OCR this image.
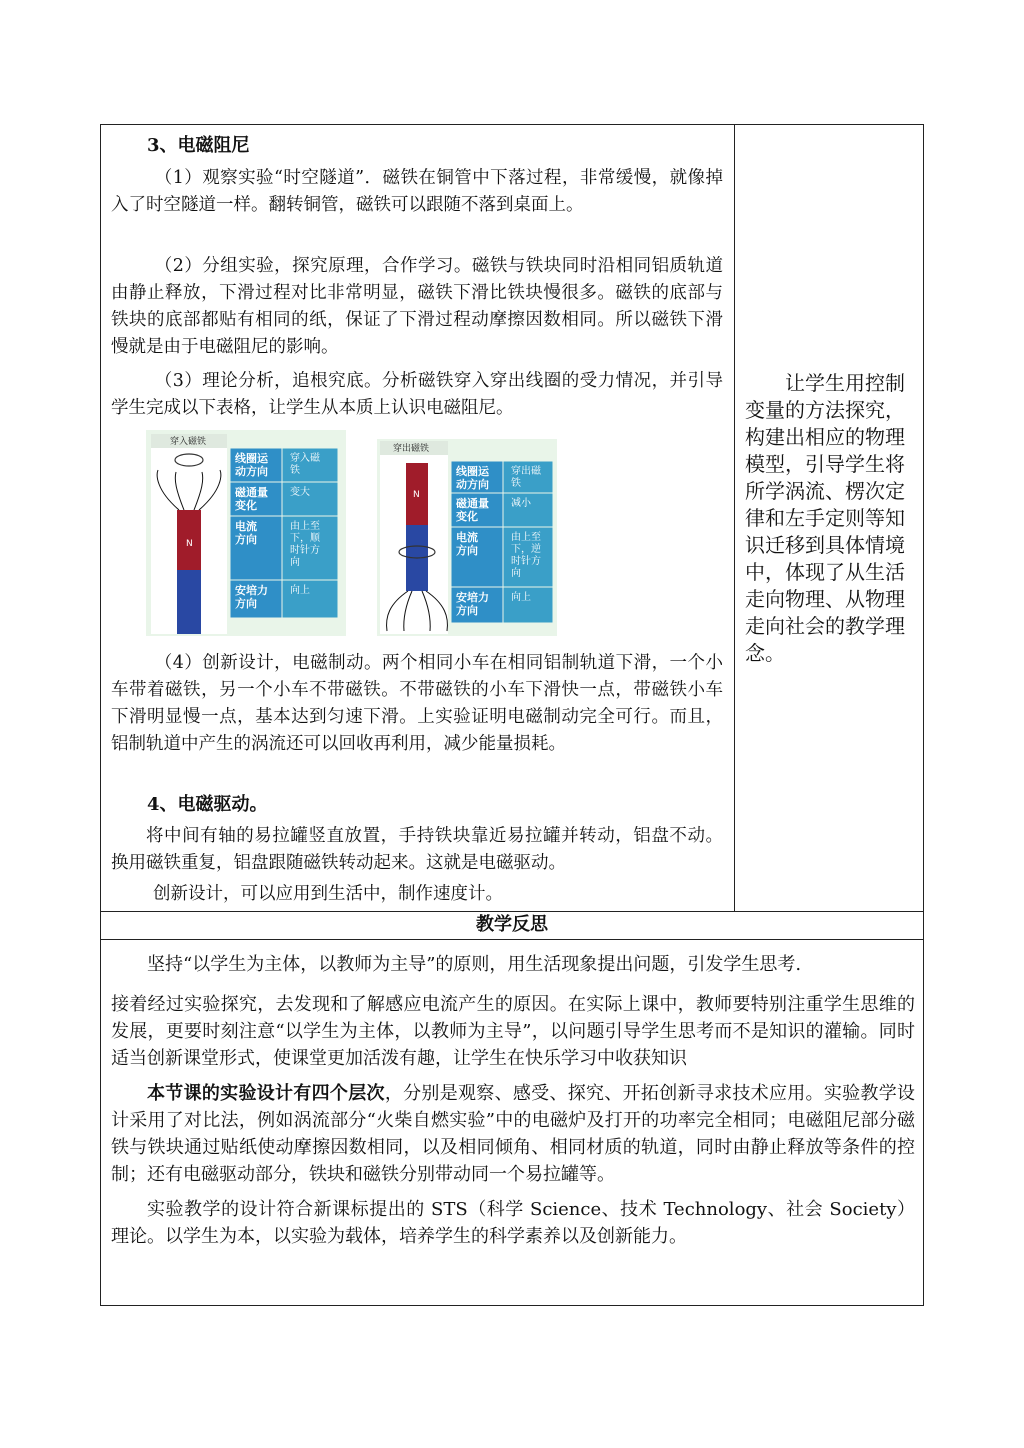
3、电磁阻尼

（1）观察实验“时空隧道”．磁铁在铜管中下落过程，非常缓慢，就像掉入了时空隧道一样。翻转铜管，磁铁可以跟随不落到桌面上。

（2）分组实验，探究原理，合作学习。磁铁与铁块同时沿相同铝质轨道由静止释放，下滑过程对比非常明显，磁铁下滑比铁块慢很多。磁铁的底部与铁块的底部都贴有相同的纸，保证了下滑过程动摩擦因数相同。所以磁铁下滑慢就是由于电磁阻尼的影响。

（3）理论分析，追根究底。分析磁铁穿入穿出线圈的受力情况，并引导学生完成以下表格，让学生从本质上认识电磁阻尼。

穿入磁铁
N
线圈运
动方向
穿入磁
铁
磁通量
变化
变大
电流
方向
由上至
下，顺
时针方
向
安培力
方向
向上
穿出磁铁
N
线圈运
动方向
穿出磁
铁
磁通量
变化
减小
电流
方向
由上至
下，逆
时针方
向
安培力
方向
向上

（4）创新设计，电磁制动。两个相同小车在相同铝制轨道下滑，一个小车带着磁铁，另一个小车不带磁铁。不带磁铁的小车下滑快一点，带磁铁小车下滑明显慢一点，基本达到匀速下滑。上实验证明电磁制动完全可行。而且，铝制轨道中产生的涡流还可以回收再利用，减少能量损耗。

4、电磁驱动。

将中间有轴的易拉罐竖直放置，手持铁块靠近易拉罐并转动，铝盘不动。换用磁铁重复，铝盘跟随磁铁转动起来。这就是电磁驱动。

创新设计，可以应用到生活中，制作速度计。

让学生用控制变量的方法探究，构建出相应的物理模型，引导学生将所学涡流、楞次定律和左手定则等知识迁移到具体情境中，体现了从生活走向物理、从物理走向社会的教学理念。
教学反思

坚持“以学生为主体，以教师为主导”的原则，用生活现象提出问题，引发学生思考.

接着经过实验探究，去发现和了解感应电流产生的原因。在实际上课中，教师要特别注重学生思维的发展，更要时刻注意“以学生为主体，以教师为主导”，以问题引导学生思考而不是知识的灌输。同时适当创新课堂形式，使课堂更加活泼有趣，让学生在快乐学习中收获知识

本节课的实验设计有四个层次，分别是观察、感受、探究、开拓创新寻求技术应用。实验教学设计采用了对比法，例如涡流部分“火柴自燃实验”中的电磁炉及打开的功率完全相同；电磁阻尼部分磁铁与铁块通过贴纸使动摩擦因数相同，以及相同倾角、相同材质的轨道，同时由静止释放等条件的控制；还有电磁驱动部分，铁块和磁铁分别带动同一个易拉罐等。

实验教学的设计符合新课标提出的 STS（科学 Science、技术 Technology、社会 Society）理论。以学生为本，以实验为载体，培养学生的科学素养以及创新能力。
